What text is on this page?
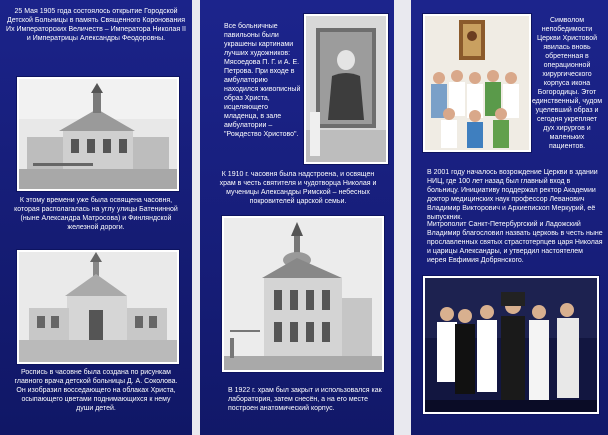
25 Мая 1905 года состоялось открытие Городской Детской Больницы в память Священного Коронования Их Императорских Величеств – Императора Николая II и Императрицы Александры Феодоровны.
К этому времени уже была освящена часовня, которая располагалась на углу улицы Батенинной (ныне Александра Матросова) и Финляндской железной дороги.
Роспись в часовне была создана по рисункам главного врача детской больницы Д. А. Соколова. Он изобразил восседающего на облаках Христа, осыпающего цветами поднимающихся к нему души детей.
Все больничные павильоны были украшены картинами лучших художников: Мясоедова П. Г. и А. Е. Петрова. При входе в амбулаторию находился живописный образ Христа, исцеляющего младенца, в зале амбулатории – "Рождество Христово".
К 1910 г. часовня была надстроена, и освящен храм в честь святителя и чудотворца Николая и мученицы Александры Римской – небесных покровителей царской семьи.
В 1922 г. храм был закрыт и использовался как лаборатория, затем снесён, а на его месте построен анатомический корпус.
Символом непобедимости Церкви Христовой явилась вновь обретенная в операционной хирургического корпуса икона Богородицы. Этот единственный, чудом уцелевший образ и сегодня укрепляет дух хирургов и маленьких пациентов.
В 2001 году началось возрождение Церкви в здании НИЦ, где 100 лет назад был главный вход в больницу. Инициативу поддержал ректор Академии доктор медицинских наук профессор Леванович Владимир Викторович и Архиепископ Меркурий, её выпускник.
Митрополит Санкт-Петербургский и Ладожский Владимир благословил назвать церковь в честь ныне прославленных святых страстотерпцев царя Николая и царицы Александры, и утвердил настоятелем иерея Евфимия Добрянского.
